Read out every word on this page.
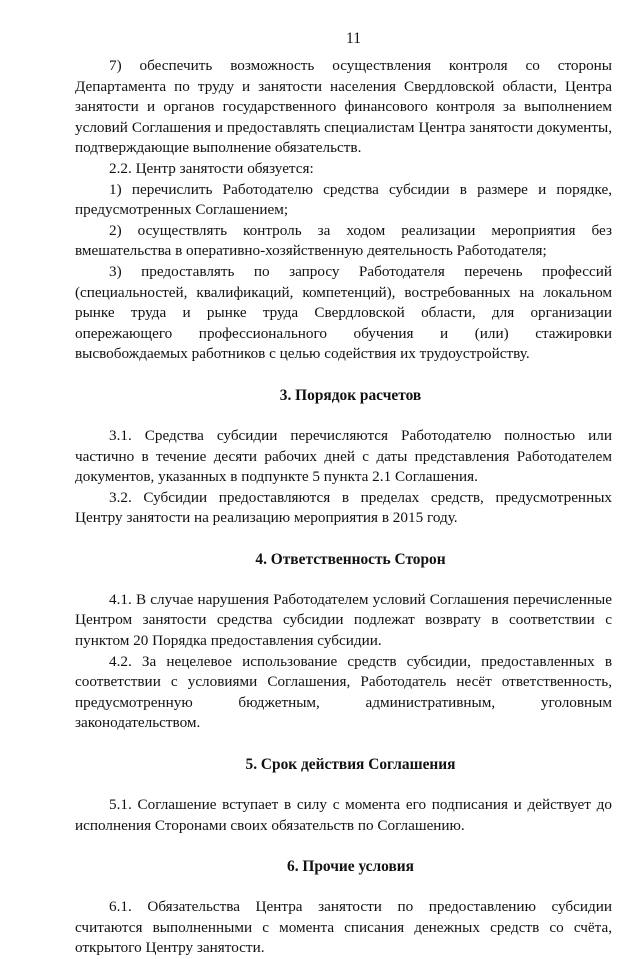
11

7) обеспечить возможность осуществления контроля со стороны Департамента по труду и занятости населения Свердловской области, Центра занятости и органов государственного финансового контроля за выполнением условий Соглашения и предоставлять специалистам Центра занятости документы, подтверждающие выполнение обязательств.

2.2. Центр занятости обязуется:

1) перечислить Работодателю средства субсидии в размере и порядке, предусмотренных Соглашением;

2) осуществлять контроль за ходом реализации мероприятия без вмешательства в оперативно-хозяйственную деятельность Работодателя;

3) предоставлять по запросу Работодателя перечень профессий (специальностей, квалификаций, компетенций), востребованных на локальном рынке труда и рынке труда Свердловской области, для организации опережающего профессионального обучения и (или) стажировки высвобождаемых работников с целью содействия их трудоустройству.

3. Порядок расчетов

3.1. Средства субсидии перечисляются Работодателю полностью или частично в течение десяти рабочих дней с даты представления Работодателем документов, указанных в подпункте 5 пункта 2.1 Соглашения.

3.2. Субсидии предоставляются в пределах средств, предусмотренных Центру занятости на реализацию мероприятия в 2015 году.

4. Ответственность Сторон

4.1. В случае нарушения Работодателем условий Соглашения перечисленные Центром занятости средства субсидии подлежат возврату в соответствии с пунктом 20 Порядка предоставления субсидии.

4.2. За нецелевое использование средств субсидии, предоставленных в соответствии с условиями Соглашения, Работодатель несёт ответственность, предусмотренную бюджетным, административным, уголовным законодательством.

5. Срок действия Соглашения

5.1. Соглашение вступает в силу с момента его подписания и действует до исполнения Сторонами своих обязательств по Соглашению.

6. Прочие условия

6.1. Обязательства Центра занятости по предоставлению субсидии считаются выполненными с момента списания денежных средств со счёта, открытого Центру занятости.
